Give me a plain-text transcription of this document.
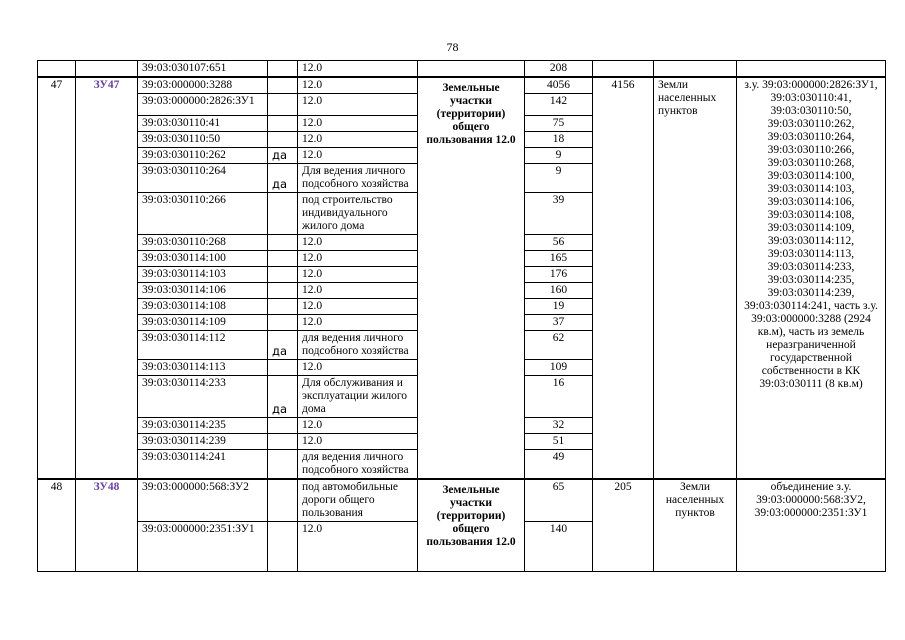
78
		39:03:030107:651		12.0		208			
47	ЗУ47	39:03:000000:3288		12.0	Земельные участки (территории) общего пользования 12.0	4056	4156	Земли населенных пунктов	з.у. 39:03:000000:2826:ЗУ1, 39:03:030110:41, 39:03:030110:50, 39:03:030110:262, 39:03:030110:264, 39:03:030110:266, 39:03:030110:268, 39:03:030114:100, 39:03:030114:103, 39:03:030114:106, 39:03:030114:108, 39:03:030114:109, 39:03:030114:112, 39:03:030114:113, 39:03:030114:233, 39:03:030114:235, 39:03:030114:239, 39:03:030114:241, часть з.у. 39:03:000000:3288 (2924 кв.м), часть из земель неразграниченной государственной собственности в КК 39:03:030111 (8 кв.м)
		39:03:000000:2826:ЗУ1		12.0		142			
		39:03:030110:41		12.0		75			
		39:03:030110:50		12.0		18			
		39:03:030110:262	да	12.0		9			
		39:03:030110:264	да	Для ведения личного подсобного хозяйства		9			
		39:03:030110:266		под строительство индивидуального жилого дома		39			
		39:03:030110:268		12.0		56			
		39:03:030114:100		12.0		165			
		39:03:030114:103		12.0		176			
		39:03:030114:106		12.0		160			
		39:03:030114:108		12.0		19			
		39:03:030114:109		12.0		37			
		39:03:030114:112	да	для ведения личного подсобного хозяйства		62			
		39:03:030114:113		12.0		109			
		39:03:030114:233	да	Для обслуживания и эксплуатации жилого дома		16			
		39:03:030114:235		12.0		32			
		39:03:030114:239		12.0		51			
		39:03:030114:241		для ведения личного подсобного хозяйства		49			
48	ЗУ48	39:03:000000:568:ЗУ2		под автомобильные дороги общего пользования	Земельные участки (территории) общего пользования 12.0	65	205	Земли населенных пунктов	объединение з.у. 39:03:000000:568:ЗУ2, 39:03:000000:2351:ЗУ1
		39:03:000000:2351:ЗУ1		12.0		140			
